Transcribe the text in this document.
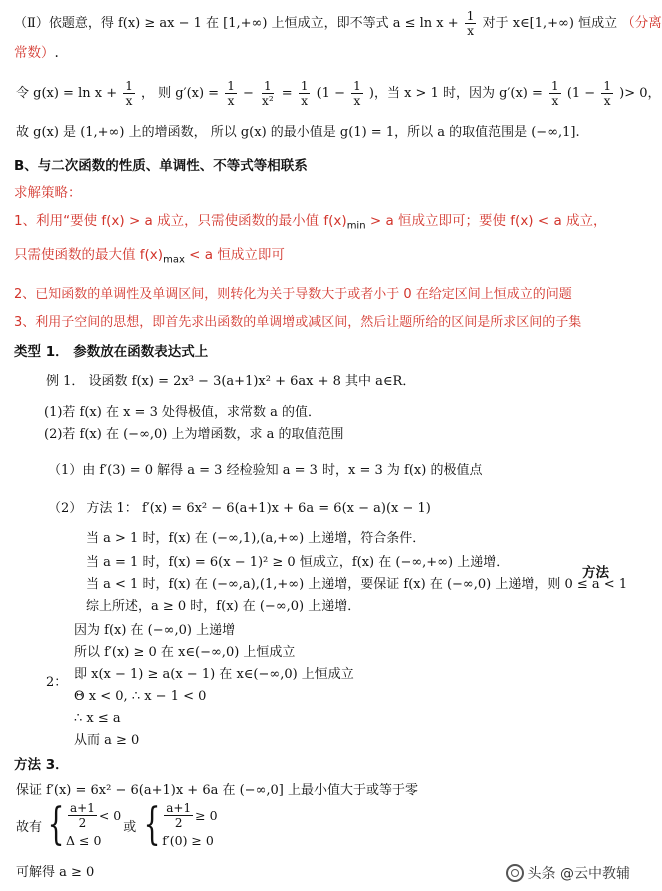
（Ⅱ）依题意，得 f(x) ≥ ax − 1 在 [1,+∞) 上恒成立，即不等式 $a \le \ln x + \frac{1}{x}$ 对于 x∈[1,+∞) 恒成立 （分离
常数）.
令 $g(x) = \ln x + \frac{1}{x}$ ， 则 $g'(x) = \frac{1}{x} - \frac{1}{\text{x²}} = \frac{1}{x} (1 - \frac{1}{x}$ )，当 x > 1 时，因为 $g'(x) = \frac{1}{x} (1 - \frac{1}{x}$ )> 0，
故 g(x) 是 (1,+∞) 上的增函数， 所以 g(x) 的最小值是 g(1) = 1，所以 a 的取值范围是 (−∞,1].
B、与二次函数的性质、单调性、不等式等相联系
求解策略：
1、利用“要使 f(x) > a 成立，只需使函数的最小值 $f(x)_{min} > a$ 恒成立即可；要使 f(x) < a 成立，
只需使函数的最大值 $f(x)_{max} < a$ 恒成立即可
2、已知函数的单调性及单调区间，则转化为关于导数大于或者小于 0 在给定区间上恒成立的问题
3、利用子空间的思想，即首先求出函数的单调增或减区间，然后让题所给的区间是所求区间的子集
类型 1． 参数放在函数表达式上
例 1． 设函数 f(x) = 2x³ − 3(a+1)x² + 6ax + 8 其中 a∈R．
(1)若 f(x) 在 x = 3 处得极值，求常数 a 的值．
(2)若 f(x) 在 (−∞,0) 上为增函数，求 a 的取值范围
（1）由 f′(3) = 0 解得 a = 3 经检验知 a = 3 时，x = 3 为 f(x) 的极值点
（2） 方法 1： f′(x) = 6x² − 6(a+1)x + 6a = 6(x − a)(x − 1)
当 a > 1 时，f(x) 在 (−∞,1),(a,+∞) 上递增，符合条件．
当 a = 1 时，f(x) = 6(x − 1)² ≥ 0 恒成立，f(x) 在 (−∞,+∞) 上递增．
当 a < 1 时，f(x) 在 (−∞,a),(1,+∞) 上递增，要保证 f(x) 在 (−∞,0) 上递增，则 0 ≤ a < 1
综上所述，a ≥ 0 时，f(x) 在 (−∞,0) 上递增．
方法
因为 f(x) 在 (−∞,0) 上递增
所以 f′(x) ≥ 0 在 x∈(−∞,0) 上恒成立
2：
即 x(x − 1) ≥ a(x − 1) 在 x∈(−∞,0) 上恒成立
Θ x < 0, ∴ x − 1 < 0
∴ x ≤ a
从而 a ≥ 0
方法 3．
保证 f′(x) = 6x² − 6(a+1)x + 6a 在 (−∞,0] 上最小值大于或等于零
故有 { $\frac{a+1}{2} < 0$
Δ ≤ 0
或 { $\frac{a+1}{2} \ge 0$
f′(0) ≥ 0
可解得 a ≥ 0	头条 @云中教辅
